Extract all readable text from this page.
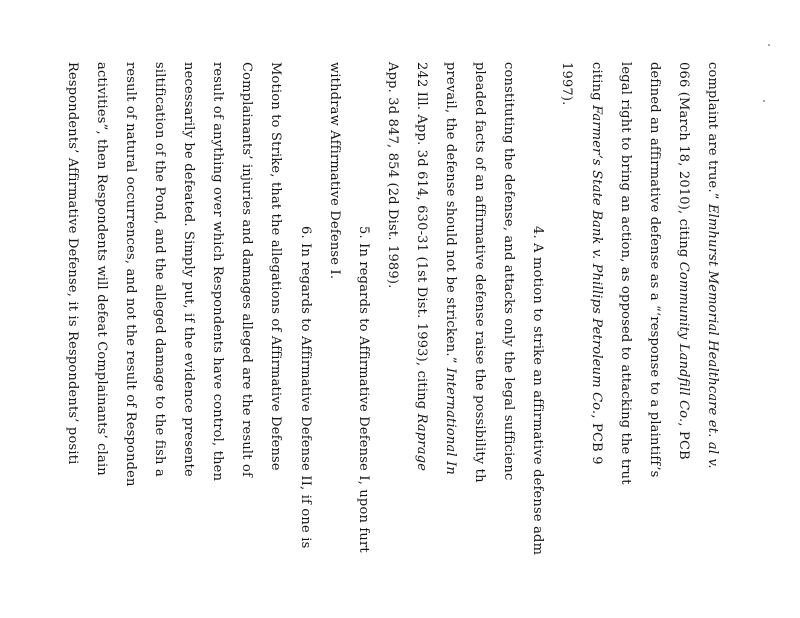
complaint are true.” Elmhurst Memorial Healthcare et. al v.
066 (March 18, 2010), citing Community Landfill Co., PCB
defined an affirmative defense as a “‘response to a plaintiff’s
legal right to bring an action, as opposed to attacking the trut
citing Farmer’s State Bank v. Phillips Petroleum Co., PCB 9
1997).
4. A motion to strike an affirmative defense adm
constituting the defense, and attacks only the legal sufficienc
pleaded facts of an affirmative defense raise the possibility th
prevail, the defense should not be stricken.” International In
242 Ill. App. 3d 614, 630-31 (1st Dist. 1993), citing Raprage
App. 3d 847, 854 (2d Dist. 1989).
5. In regards to Affirmative Defense I, upon furt
withdraw Affirmative Defense I.
6. In regards to Affirmative Defense II, if one is
Motion to Strike, that the allegations of Affirmative Defense
Complainants’ injuries and damages alleged are the result of
result of anything over which Respondents have control, then
necessarily be defeated. Simply put, if the evidence presente
siltification of the Pond, and the alleged damage to the fish a
result of natural occurrences, and not the result of Responden
activities”, then Respondents will defeat Complainants’ clain
Respondents’ Affirmative Defense, it is Respondents’ positi
